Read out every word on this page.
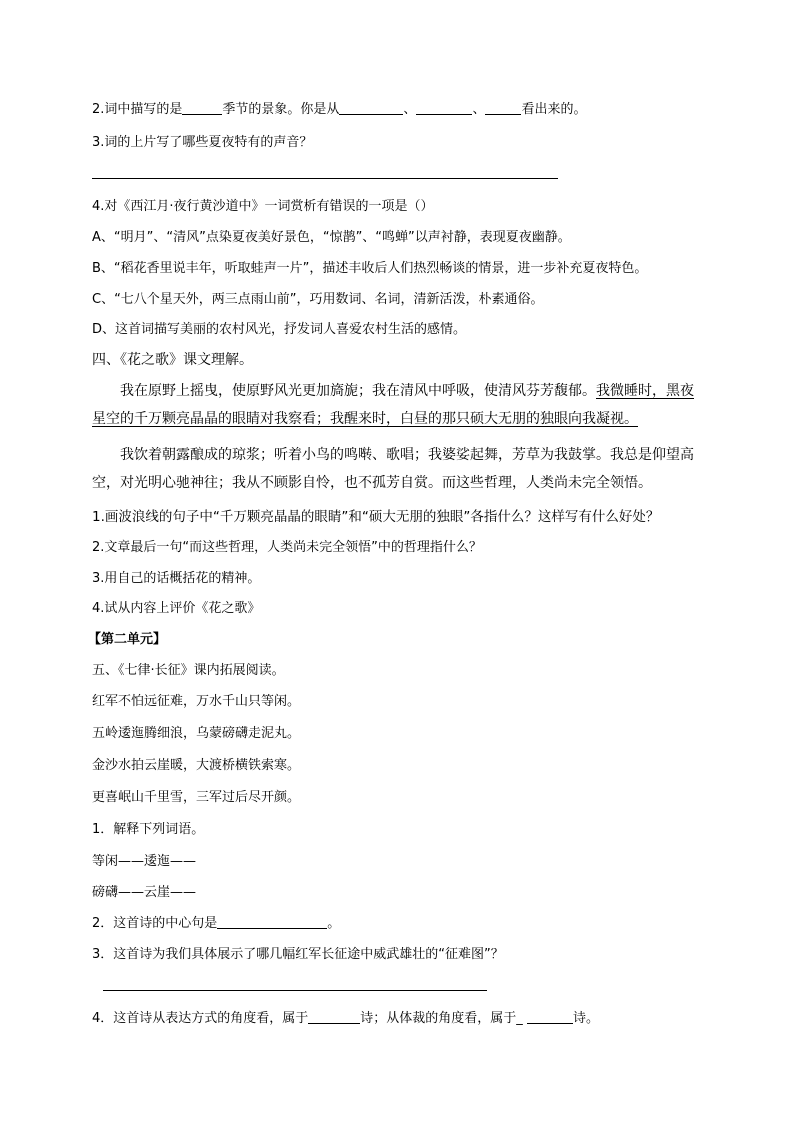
2.词中描写的是	季节的景象。你是从	、	、	看出来的。
3.词的上片写了哪些夏夜特有的声音？
4.对《西江月·夜行黄沙道中》一词赏析有错误的一项是（）
A、“明月”、“清风”点染夏夜美好景色，“惊鹊”、“鸣蝉”以声衬静，表现夏夜幽静。
B、“稻花香里说丰年，听取蛙声一片”，描述丰收后人们热烈畅谈的情景，进一步补充夏夜特色。
C、“七八个星天外，两三点雨山前”，巧用数词、名词，清新活泼，朴素通俗。
D、这首词描写美丽的农村风光，抒发词人喜爱农村生活的感情。
四、《花之歌》课文理解。
我在原野上摇曳，使原野风光更加旖旎；我在清风中呼吸，使清风芬芳馥郁。我微睡时，黑夜星空的千万颗亮晶晶的眼睛对我察看；我醒来时，白昼的那只硕大无朋的独眼向我凝视。
我饮着朝露酿成的琼浆；听着小鸟的鸣啭、歌唱；我婆娑起舞，芳草为我鼓掌。我总是仰望高空，对光明心驰神往；我从不顾影自怜，也不孤芳自赏。而这些哲理，人类尚未完全领悟。
1.画波浪线的句子中“千万颗亮晶晶的眼睛”和“硕大无朋的独眼”各指什么？这样写有什么好处？
2.文章最后一句“而这些哲理，人类尚未完全领悟”中的哲理指什么？
3.用自己的话概括花的精神。
4.试从内容上评价《花之歌》
【第二单元】
五、《七律·长征》课内拓展阅读。
红军不怕远征难，万水千山只等闲。
五岭逶迤腾细浪，乌蒙磅礴走泥丸。
金沙水拍云崖暖，大渡桥横铁索寒。
更喜岷山千里雪，三军过后尽开颜。
1．解释下列词语。
等闲——逶迤——
磅礴——云崖——
2．这首诗的中心句是	。
3．这首诗为我们具体展示了哪几幅红军长征途中威武雄壮的“征难图”？
4．这首诗从表达方式的角度看，属于	诗；从体裁的角度看，属于_	诗。
